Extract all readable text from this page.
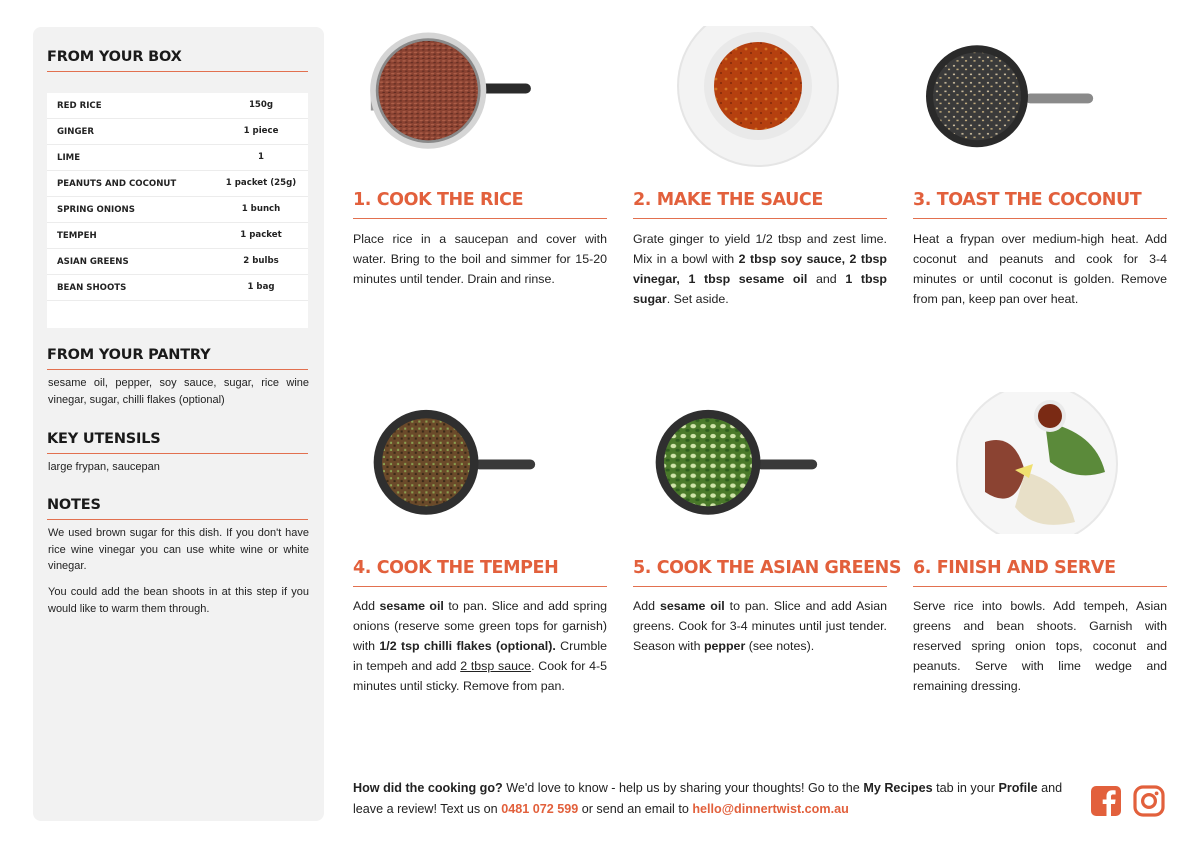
FROM YOUR BOX
RED RICE	150g
GINGER	1 piece
LIME	1
PEANUTS AND COCONUT	1 packet (25g)
SPRING ONIONS	1 bunch
TEMPEH	1 packet
ASIAN GREENS	2 bulbs
BEAN SHOOTS	1 bag
FROM YOUR PANTRY
sesame oil, pepper, soy sauce, sugar, rice wine vinegar, sugar, chilli flakes (optional)
KEY UTENSILS
large frypan, saucepan
NOTES
We used brown sugar for this dish. If you don't have rice wine vinegar you can use white wine or white vinegar.
You could add the bean shoots in at this step if you would like to warm them through.
1. COOK THE RICE
Place rice in a saucepan and cover with water. Bring to the boil and simmer for 15-20 minutes until tender. Drain and rinse.
2. MAKE THE SAUCE
Grate ginger to yield 1/2 tbsp and zest lime. Mix in a bowl with 2 tbsp soy sauce, 2 tbsp vinegar, 1 tbsp sesame oil and 1 tbsp sugar. Set aside.
3. TOAST THE COCONUT
Heat a frypan over medium-high heat. Add coconut and peanuts and cook for 3-4 minutes or until coconut is golden. Remove from pan, keep pan over heat.
4. COOK THE TEMPEH
Add sesame oil to pan. Slice and add spring onions (reserve some green tops for garnish) with 1/2 tsp chilli flakes (optional). Crumble in tempeh and add 2 tbsp sauce. Cook for 4-5 minutes until sticky. Remove from pan.
5. COOK THE ASIAN GREENS
Add sesame oil to pan. Slice and add Asian greens. Cook for 3-4 minutes until just tender. Season with pepper (see notes).
6. FINISH AND SERVE
Serve rice into bowls. Add tempeh, Asian greens and bean shoots. Garnish with reserved spring onion tops, coconut and peanuts. Serve with lime wedge and remaining dressing.
How did the cooking go? We'd love to know - help us by sharing your thoughts! Go to the My Recipes tab in your Profile and leave a review! Text us on 0481 072 599 or send an email to hello@dinnertwist.com.au
